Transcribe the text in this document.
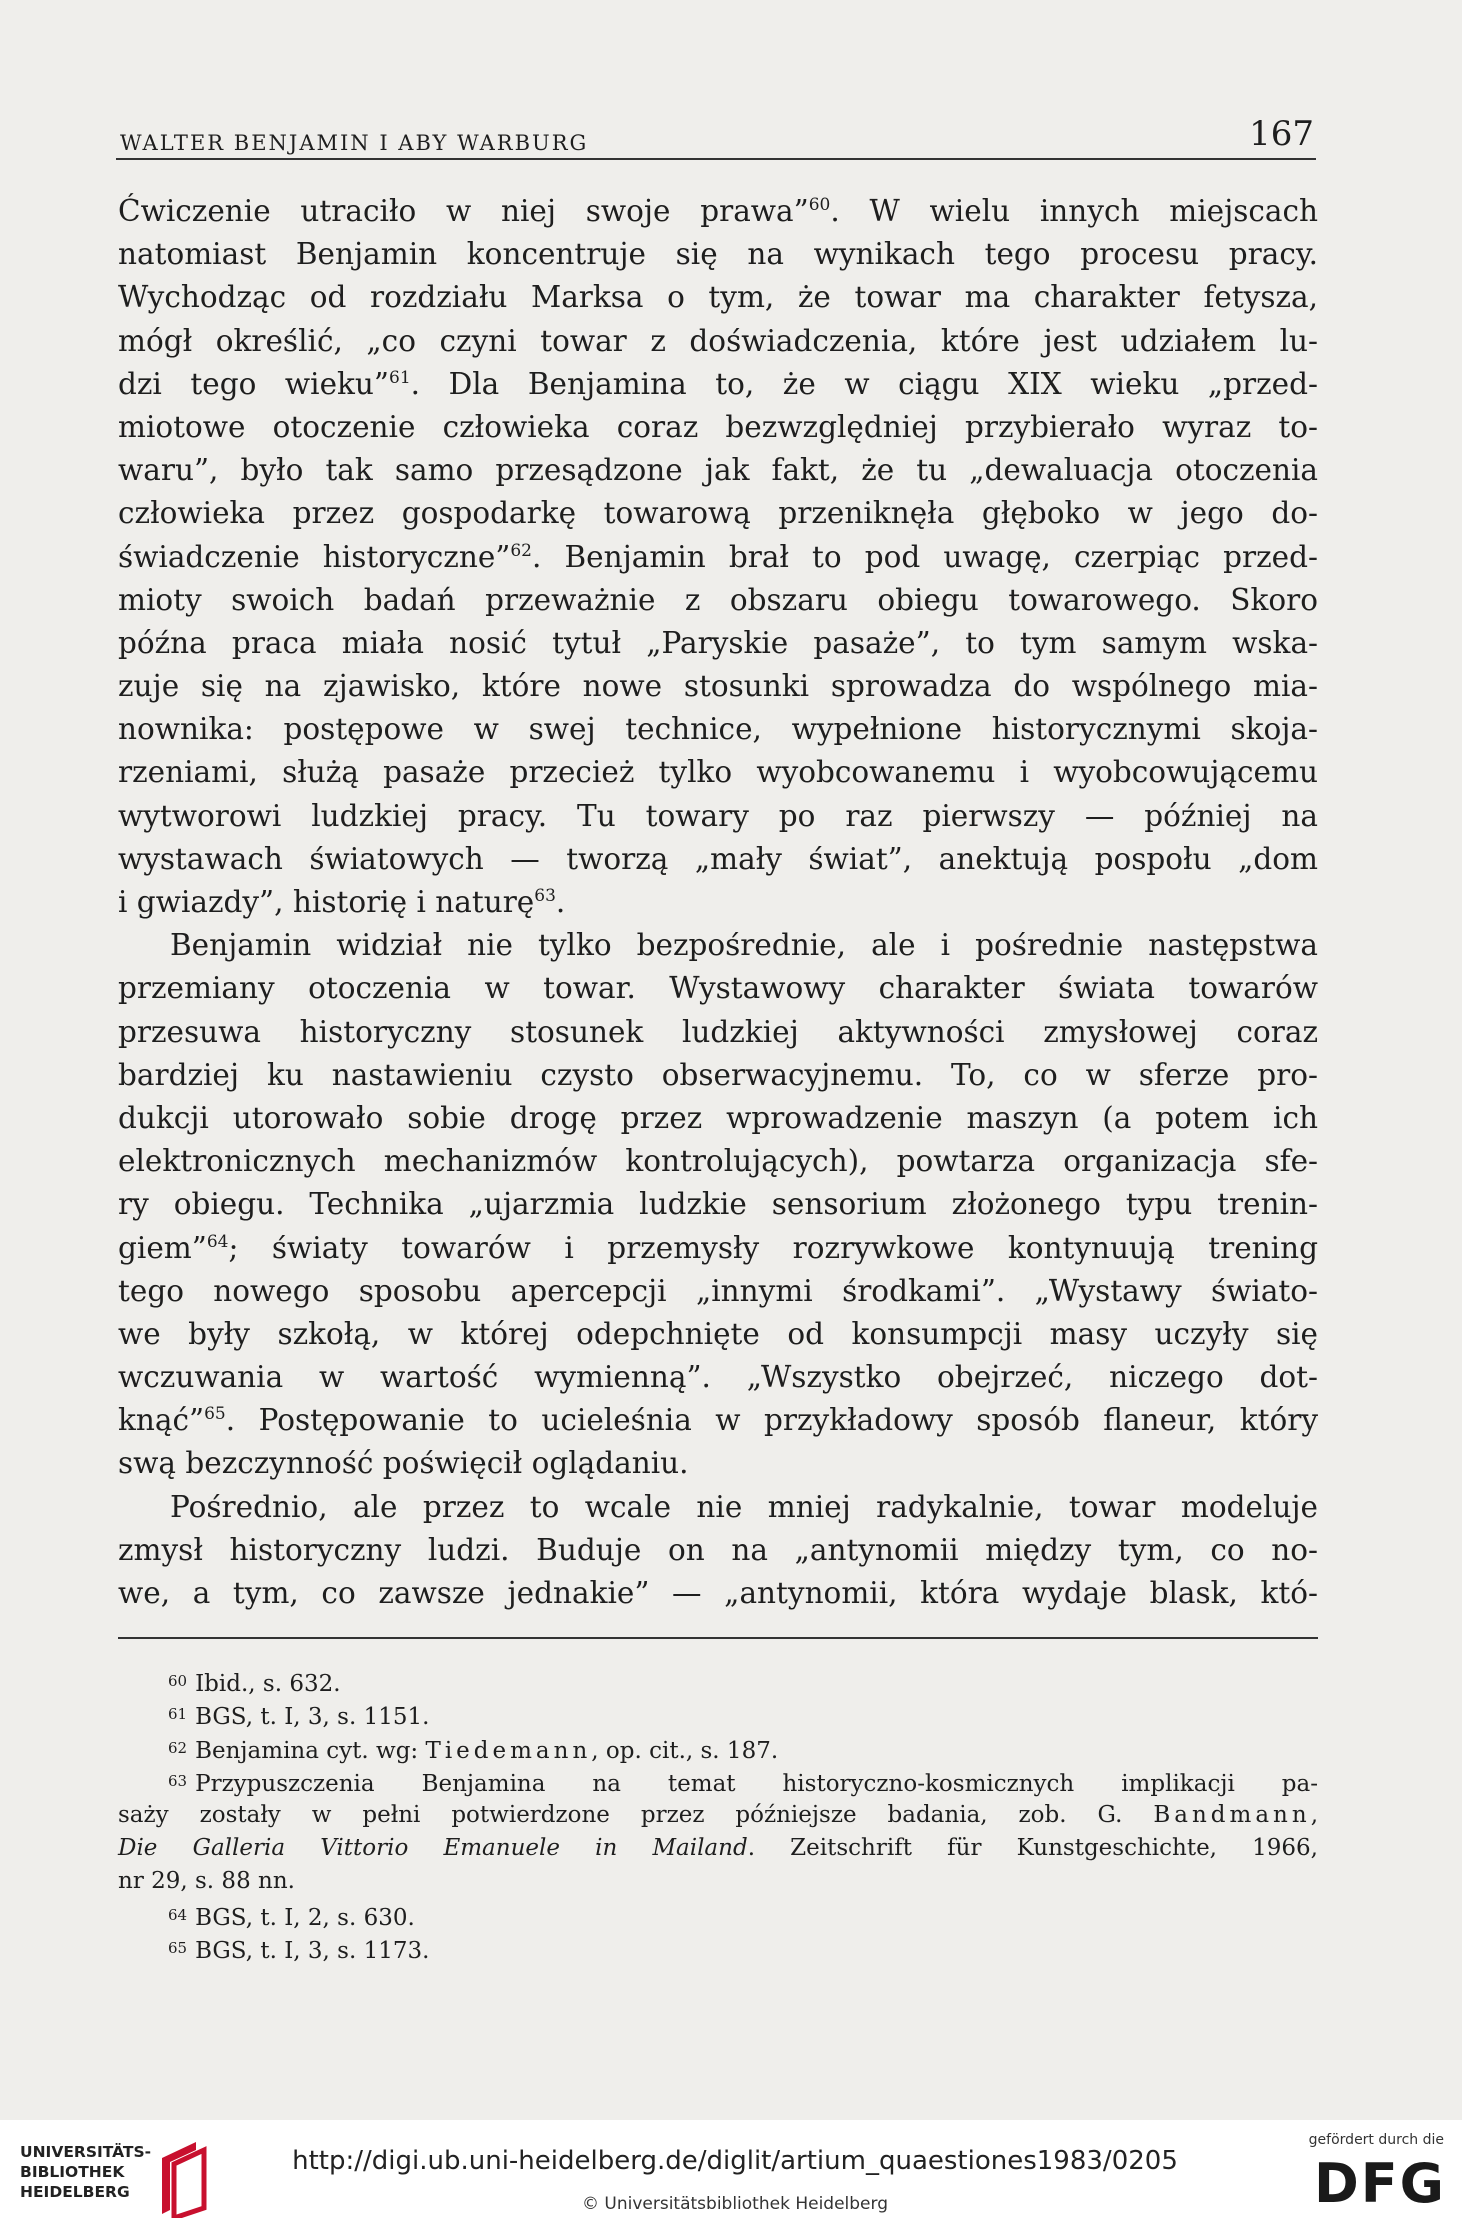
WALTER BENJAMIN I ABY WARBURG	167
Ćwiczenie utraciło w niej swoje prawa”$^{60}$. W wielu innych miejscach
natomiast Benjamin koncentruje się na wynikach tego procesu pracy.
Wychodząc od rozdziału Marksa o tym, że towar ma charakter fetysza,
mógł określić, „co czyni towar z doświadczenia, które jest udziałem lu-
dzi tego wieku”$^{61}$. Dla Benjamina to, że w ciągu XIX wieku „przed-
miotowe otoczenie człowieka coraz bezwzględniej przybierało wyraz to-
waru”, było tak samo przesądzone jak fakt, że tu „dewaluacja otoczenia
człowieka przez gospodarkę towarową przeniknęła głęboko w jego do-
świadczenie historyczne”$^{62}$. Benjamin brał to pod uwagę, czerpiąc przed-
mioty swoich badań przeważnie z obszaru obiegu towarowego. Skoro
późna praca miała nosić tytuł „Paryskie pasaże”, to tym samym wska-
zuje się na zjawisko, które nowe stosunki sprowadza do wspólnego mia-
nownika: postępowe w swej technice, wypełnione historycznymi skoja-
rzeniami, służą pasaże przecież tylko wyobcowanemu i wyobcowującemu
wytworowi ludzkiej pracy. Tu towary po raz pierwszy — później na
wystawach światowych — tworzą „mały świat”, anektują pospołu „dom
i gwiazdy”, historię i naturę$^{63}$.
Benjamin widział nie tylko bezpośrednie, ale i pośrednie następstwa
przemiany otoczenia w towar. Wystawowy charakter świata towarów
przesuwa historyczny stosunek ludzkiej aktywności zmysłowej coraz
bardziej ku nastawieniu czysto obserwacyjnemu. To, co w sferze pro-
dukcji utorowało sobie drogę przez wprowadzenie maszyn (a potem ich
elektronicznych mechanizmów kontrolujących), powtarza organizacja sfe-
ry obiegu. Technika „ujarzmia ludzkie sensorium złożonego typu trenin-
giem”$^{64}$; światy towarów i przemysły rozrywkowe kontynuują trening
tego nowego sposobu apercepcji „innymi środkami”. „Wystawy świato-
we były szkołą, w której odepchnięte od konsumpcji masy uczyły się
wczuwania w wartość wymienną”. „Wszystko obejrzeć, niczego dot-
knąć”$^{65}$. Postępowanie to ucieleśnia w przykładowy sposób flaneur, który
swą bezczynność poświęcił oglądaniu.
Pośrednio, ale przez to wcale nie mniej radykalnie, towar modeluje
zmysł historyczny ludzi. Buduje on na „antynomii między tym, co no-
we, a tym, co zawsze jednakie” — „antynomii, która wydaje blask, któ-
$^{60}$ Ibid., s. 632.
$^{61}$ BGS, t. I, 3, s. 1151.
$^{62}$ Benjamina cyt. wg: Tiedemann, op. cit., s. 187.
$^{63}$ Przypuszczenia Benjamina na temat historyczno-kosmicznych implikacji pa-
saży zostały w pełni potwierdzone przez późniejsze badania, zob. G. Bandmann,
Die Galleria Vittorio Emanuele in Mailand. Zeitschrift für Kunstgeschichte, 1966,
nr 29, s. 88 nn.
$^{64}$ BGS, t. I, 2, s. 630.
$^{65}$ BGS, t. I, 3, s. 1173.
UNIVERSITÄTS-
BIBLIOTHEK
HEIDELBERG
http://digi.ub.uni-heidelberg.de/diglit/artium_quaestiones1983/0205
© Universitätsbibliothek Heidelberg
gefördert durch die
DFG
